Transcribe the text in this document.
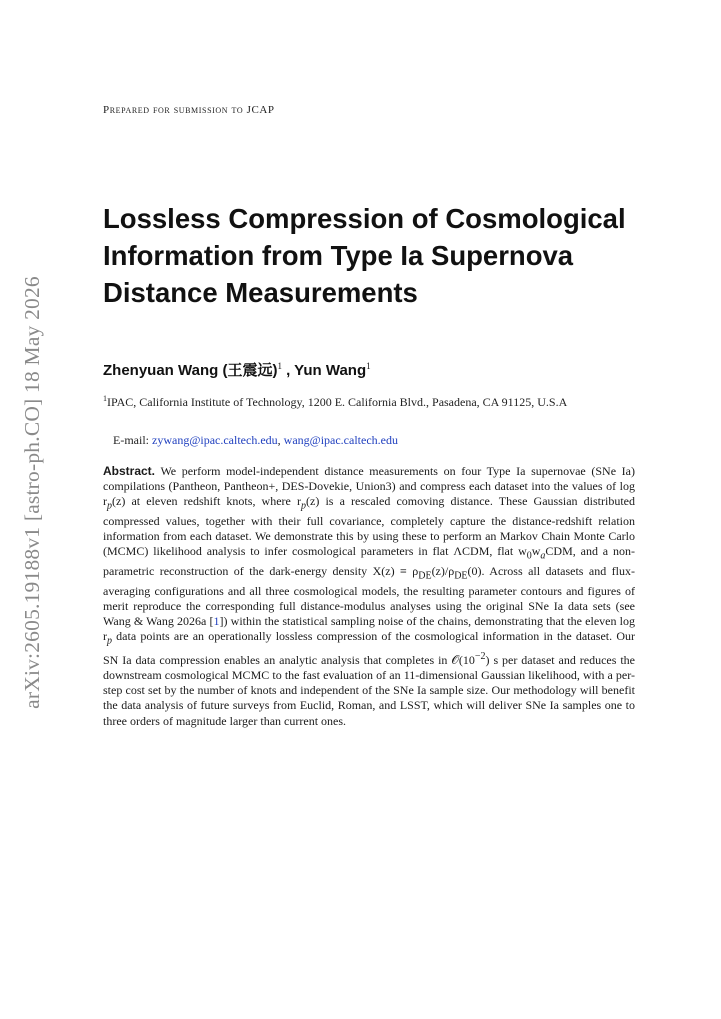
arXiv:2605.19188v1 [astro-ph.CO] 18 May 2026
Prepared for submission to JCAP
Lossless Compression of Cosmological Information from Type Ia Supernova Distance Measurements
Zhenyuan Wang (王震远)$^1$ , Yun Wang$^1$
$^1$IPAC, California Institute of Technology, 1200 E. California Blvd., Pasadena, CA 91125, U.S.A
E-mail: zywang@ipac.caltech.edu, wang@ipac.caltech.edu

Abstract. We perform model-independent distance measurements on four Type Ia supernovae (SNe Ia) compilations (Pantheon, Pantheon+, DES-Dovekie, Union3) and compress each dataset into the values of $\log r_p(z)$ at eleven redshift knots, where $r_p(z)$ is a rescaled comoving distance. These Gaussian distributed compressed values, together with their full covariance, completely capture the distance-redshift relation information from each dataset. We demonstrate this by using these to perform an Markov Chain Monte Carlo (MCMC) likelihood analysis to infer cosmological parameters in flat ΛCDM, flat $w_0w_aCDM$, and a non-parametric reconstruction of the dark-energy density $X(z) \equiv \rho_{DE}(z)/\rho_{DE}(0)$. Across all datasets and flux-averaging configurations and all three cosmological models, the resulting parameter contours and figures of merit reproduce the corresponding full distance-modulus analyses using the original SNe Ia data sets (see Wang & Wang 2026a [1]) within the statistical sampling noise of the chains, demonstrating that the eleven $\log r_p$ data points are an operationally lossless compression of the cosmological information in the dataset. Our SN Ia data compression enables an analytic analysis that completes in $𝒪(10^{-2})$ s per dataset and reduces the downstream cosmological MCMC to the fast evaluation of an 11-dimensional Gaussian likelihood, with a per-step cost set by the number of knots and independent of the SNe Ia sample size. Our methodology will benefit the data analysis of future surveys from Euclid, Roman, and LSST, which will deliver SNe Ia samples one to three orders of magnitude larger than current ones.
